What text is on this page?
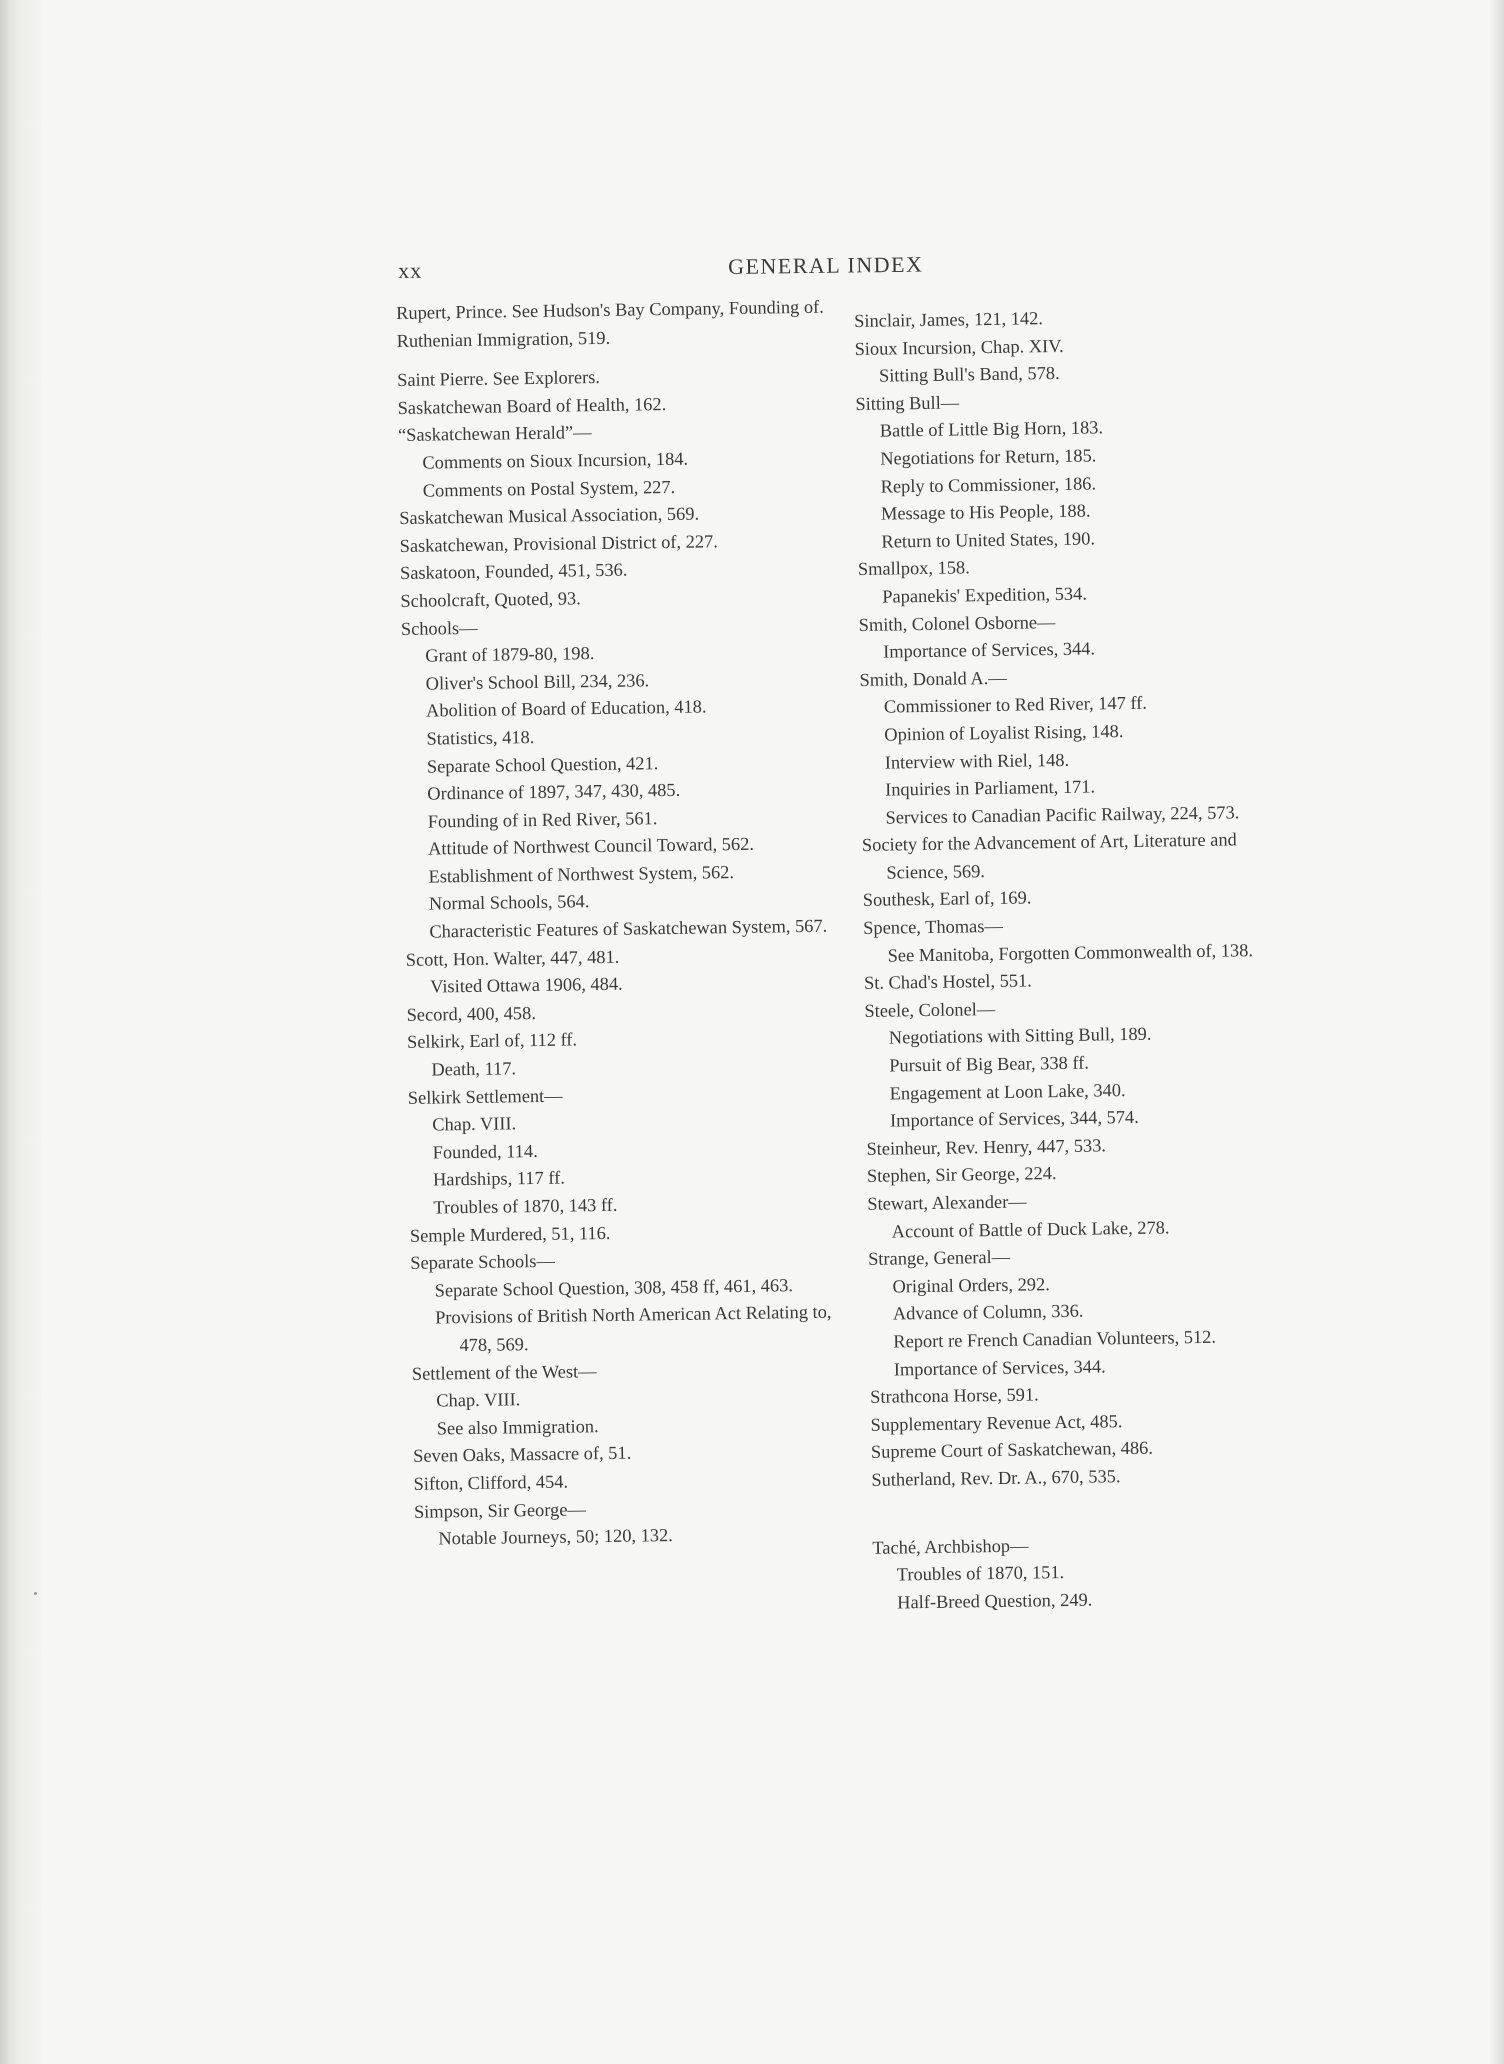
xx	GENERAL INDEX
Rupert, Prince. See Hudson's Bay Company, Founding of.
Ruthenian Immigration, 519.
Saint Pierre. See Explorers.
Saskatchewan Board of Health, 162.
“Saskatchewan Herald”—
Comments on Sioux Incursion, 184.
Comments on Postal System, 227.
Saskatchewan Musical Association, 569.
Saskatchewan, Provisional District of, 227.
Saskatoon, Founded, 451, 536.
Schoolcraft, Quoted, 93.
Schools—
Grant of 1879-80, 198.
Oliver's School Bill, 234, 236.
Abolition of Board of Education, 418.
Statistics, 418.
Separate School Question, 421.
Ordinance of 1897, 347, 430, 485.
Founding of in Red River, 561.
Attitude of Northwest Council Toward, 562.
Establishment of Northwest System, 562.
Normal Schools, 564.
Characteristic Features of Saskatchewan System, 567.
Scott, Hon. Walter, 447, 481.
Visited Ottawa 1906, 484.
Secord, 400, 458.
Selkirk, Earl of, 112 ff.
Death, 117.
Selkirk Settlement—
Chap. VIII.
Founded, 114.
Hardships, 117 ff.
Troubles of 1870, 143 ff.
Semple Murdered, 51, 116.
Separate Schools—
Separate School Question, 308, 458 ff, 461, 463.
Provisions of British North American Act Relating to, 478, 569.
Settlement of the West—
Chap. VIII.
See also Immigration.
Seven Oaks, Massacre of, 51.
Sifton, Clifford, 454.
Simpson, Sir George—
Notable Journeys, 50; 120, 132.
Sinclair, James, 121, 142.
Sioux Incursion, Chap. XIV.
Sitting Bull's Band, 578.
Sitting Bull—
Battle of Little Big Horn, 183.
Negotiations for Return, 185.
Reply to Commissioner, 186.
Message to His People, 188.
Return to United States, 190.
Smallpox, 158.
Papanekis' Expedition, 534.
Smith, Colonel Osborne—
Importance of Services, 344.
Smith, Donald A.—
Commissioner to Red River, 147 ff.
Opinion of Loyalist Rising, 148.
Interview with Riel, 148.
Inquiries in Parliament, 171.
Services to Canadian Pacific Railway, 224, 573.
Society for the Advancement of Art, Literature and Science, 569.
Southesk, Earl of, 169.
Spence, Thomas—
See Manitoba, Forgotten Commonwealth of, 138.
St. Chad's Hostel, 551.
Steele, Colonel—
Negotiations with Sitting Bull, 189.
Pursuit of Big Bear, 338 ff.
Engagement at Loon Lake, 340.
Importance of Services, 344, 574.
Steinheur, Rev. Henry, 447, 533.
Stephen, Sir George, 224.
Stewart, Alexander—
Account of Battle of Duck Lake, 278.
Strange, General—
Original Orders, 292.
Advance of Column, 336.
Report re French Canadian Volunteers, 512.
Importance of Services, 344.
Strathcona Horse, 591.
Supplementary Revenue Act, 485.
Supreme Court of Saskatchewan, 486.
Sutherland, Rev. Dr. A., 670, 535.
Taché, Archbishop—
Troubles of 1870, 151.
Half-Breed Question, 249.
